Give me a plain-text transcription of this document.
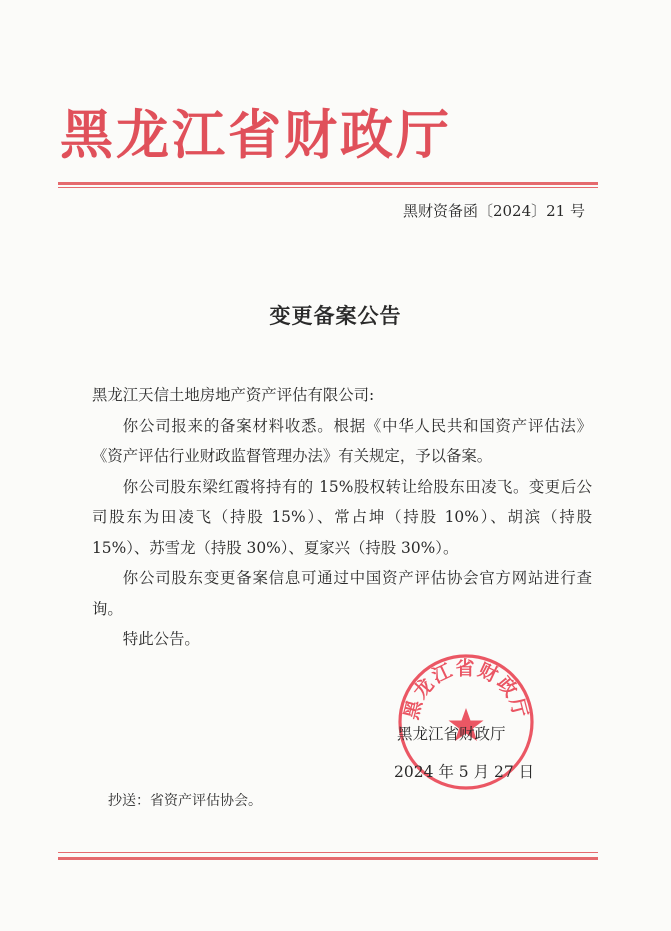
黑龙江省财政厅
黑财资备函〔2024〕21 号
变更备案公告

黑龙江天信土地房地产资产评估有限公司:

你公司报来的备案材料收悉。根据《中华人民共和国资产评估法》《资产评估行业财政监督管理办法》有关规定，予以备案。

你公司股东梁红霞将持有的 15%股权转让给股东田凌飞。变更后公司股东为田凌飞（持股 15%）、常占坤（持股 10%）、胡滨（持股 15%）、苏雪龙（持股 30%）、夏家兴（持股 30%）。

你公司股东变更备案信息可通过中国资产评估协会官方网站进行查询。

特此公告。

黑龙江省财政厅
黑龙江省财政厅
2024 年 5 月 27 日
抄送：省资产评估协会。
